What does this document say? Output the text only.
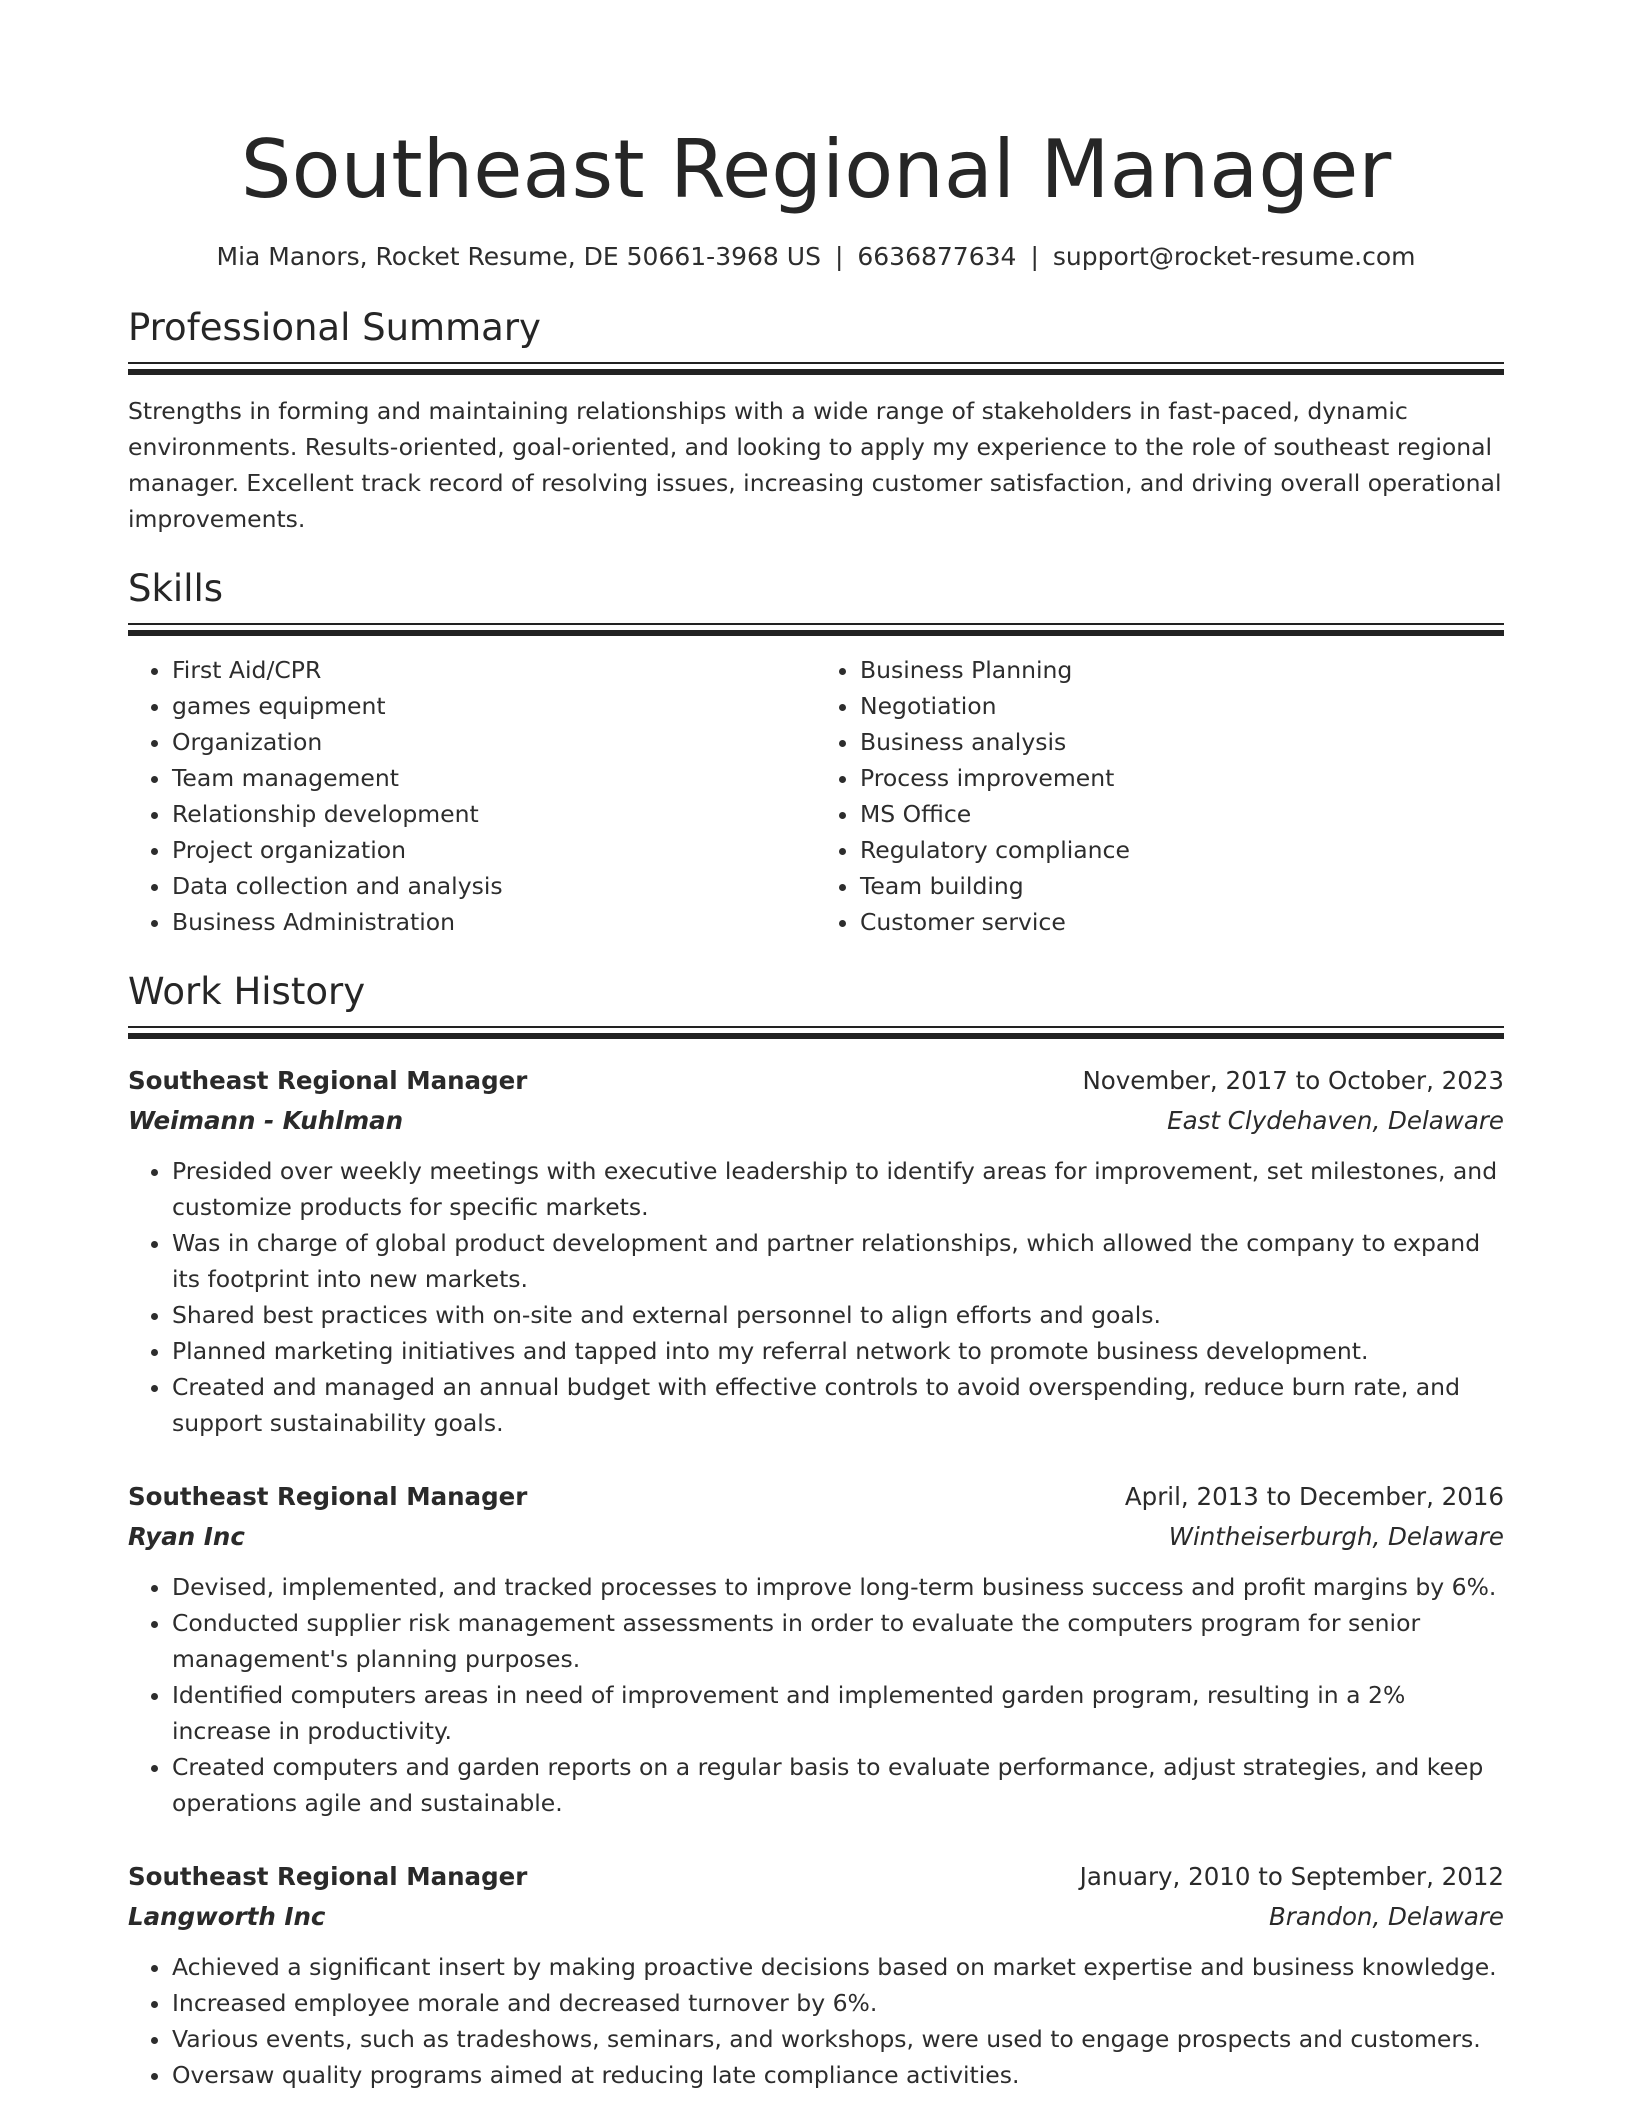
Southeast Regional Manager
Mia Manors, Rocket Resume, DE 50661-3968 US | 6636877634 | support@rocket-resume.com
Professional Summary
Strengths in forming and maintaining relationships with a wide range of stakeholders in fast-paced, dynamic environments. Results-oriented, goal-oriented, and looking to apply my experience to the role of southeast regional manager. Excellent track record of resolving issues, increasing customer satisfaction, and driving overall operational improvements.
Skills
• First Aid/CPR
• games equipment
• Organization
• Team management
• Relationship development
• Project organization
• Data collection and analysis
• Business Administration
• Business Planning
• Negotiation
• Business analysis
• Process improvement
• MS Office
• Regulatory compliance
• Team building
• Customer service
Work History
Southeast Regional Manager	November, 2017 to October, 2023
Weimann - Kuhlman	East Clydehaven, Delaware
• Presided over weekly meetings with executive leadership to identify areas for improvement, set milestones, and customize products for specific markets.
• Was in charge of global product development and partner relationships, which allowed the company to expand its footprint into new markets.
• Shared best practices with on-site and external personnel to align efforts and goals.
• Planned marketing initiatives and tapped into my referral network to promote business development.
• Created and managed an annual budget with effective controls to avoid overspending, reduce burn rate, and support sustainability goals.
Southeast Regional Manager	April, 2013 to December, 2016
Ryan Inc	Wintheiserburgh, Delaware
• Devised, implemented, and tracked processes to improve long-term business success and profit margins by 6%.
• Conducted supplier risk management assessments in order to evaluate the computers program for senior management's planning purposes.
• Identified computers areas in need of improvement and implemented garden program, resulting in a 2% increase in productivity.
• Created computers and garden reports on a regular basis to evaluate performance, adjust strategies, and keep operations agile and sustainable.
Southeast Regional Manager	January, 2010 to September, 2012
Langworth Inc	Brandon, Delaware
• Achieved a significant insert by making proactive decisions based on market expertise and business knowledge.
• Increased employee morale and decreased turnover by 6%.
• Various events, such as tradeshows, seminars, and workshops, were used to engage prospects and customers.
• Oversaw quality programs aimed at reducing late compliance activities.
